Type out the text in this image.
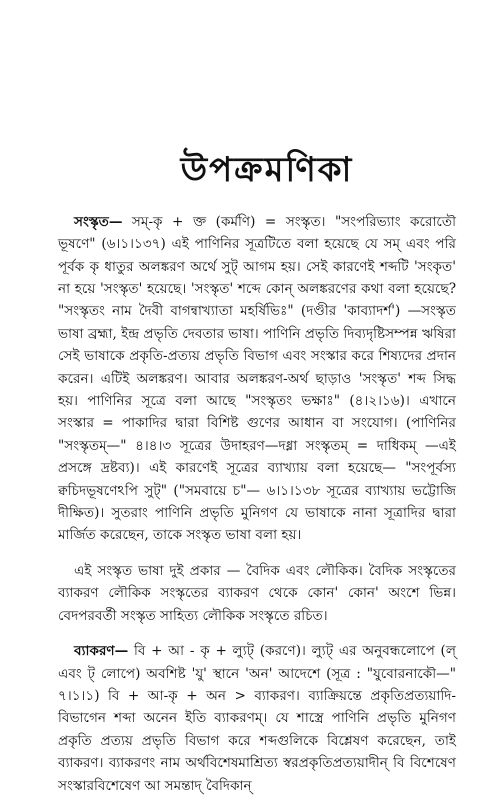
উপক্রমণিকা

সংস্কৃত— সম্-কৃ + ক্ত (কর্মণি) = সংস্কৃত। "সংপরিভ্যাং করোতৌ ভূষণে" (৬।১।১৩৭) এই পাণিনির সূত্রটিতে বলা হয়েছে যে সম্ এবং পরি পূর্বক কৃ ধাতুর অলঙ্করণ অর্থে সুট্ আগম হয়। সেই কারণেই শব্দটি 'সংকৃত' না হয়ে 'সংস্কৃত' হয়েছে। 'সংস্কৃত' শব্দে কোন্ অলঙ্করণের কথা বলা হয়েছে? "সংস্কৃতং নাম দৈবী বাগন্বাখ্যাতা মহর্ষিভিঃ" (দণ্ডীর 'কাব্যাদর্শ') —সংস্কৃত ভাষা ব্রহ্মা, ইন্দ্র প্রভৃতি দেবতার ভাষা। পাণিনি প্রভৃতি দিব্যদৃষ্টিসম্পন্ন ঋষিরা সেই ভাষাকে প্রকৃতি-প্রত্যয় প্রভৃতি বিভাগ এবং সংস্কার করে শিষ্যদের প্রদান করেন। এটিই অলঙ্করণ। আবার অলঙ্করণ-অর্থ ছাড়াও 'সংস্কৃত' শব্দ সিদ্ধ হয়। পাণিনির সূত্রে বলা আছে "সংস্কৃতং ভক্ষাঃ" (৪।২।১৬)। এখানে সংস্কার = পাকাদির দ্বারা বিশিষ্ট গুণের আধান বা সংযোগ। (পাণিনির "সংস্কৃতম্—" ৪।৪।৩ সূত্রের উদাহরণ—দধ্না সংস্কৃতম্ = দাধিকম্ —এই প্রসঙ্গে দ্রষ্টব্য)। এই কারণেই সূত্রের ব্যাখ্যায় বলা হয়েছে— "সংপূর্বস্য ক্বচিদভূষণেঽপি সুট্" ("সমবায়ে চ"— ৬।১।১৩৮ সূত্রের ব্যাখ্যায় ভট্টোজি দীক্ষিত)। সুতরাং পাণিনি প্রভৃতি মুনিগণ যে ভাষাকে নানা সূত্রাদির দ্বারা মার্জিত করেছেন, তাকে সংস্কৃত ভাষা বলা হয়।

এই সংস্কৃত ভাষা দুই প্রকার — বৈদিক এবং লৌকিক। বৈদিক সংস্কৃতের ব্যাকরণ লৌকিক সংস্কৃতের ব্যাকরণ থেকে কোন' কোন' অংশে ভিন্ন। বেদপরবর্তী সংস্কৃত সাহিত্য লৌকিক সংস্কৃতে রচিত।

ব্যাকরণ— বি + আ - কৃ + ল্যুট্ (করণে)। ল্যুট্ এর অনুবন্ধলোপে (ল্ এবং ট্ লোপে) অবশিষ্ট 'যু' স্থানে 'অন' আদেশে (সূত্র : "যুবোরনাকৌ—" ৭।১।১) বি + আ-কৃ + অন > ব্যাকরণ। ব্যাক্রিয়ন্তে প্রকৃতিপ্রত্যয়াদি-বিভাগেন শব্দা অনেন ইতি ব্যাকরণম্। যে শাস্ত্রে পাণিনি প্রভৃতি মুনিগণ প্রকৃতি প্রত্যয় প্রভৃতি বিভাগ করে শব্দগুলিকে বিশ্লেষণ করেছেন, তাই ব্যাকরণ। ব্যাকরণং নাম অর্থবিশেষমাশ্রিত্য স্বরপ্রকৃতিপ্রত্যয়াদীন্ বি বিশেষেণ সংস্কারবিশেষেণ আ সমন্তাদ্ বৈদিকান্
